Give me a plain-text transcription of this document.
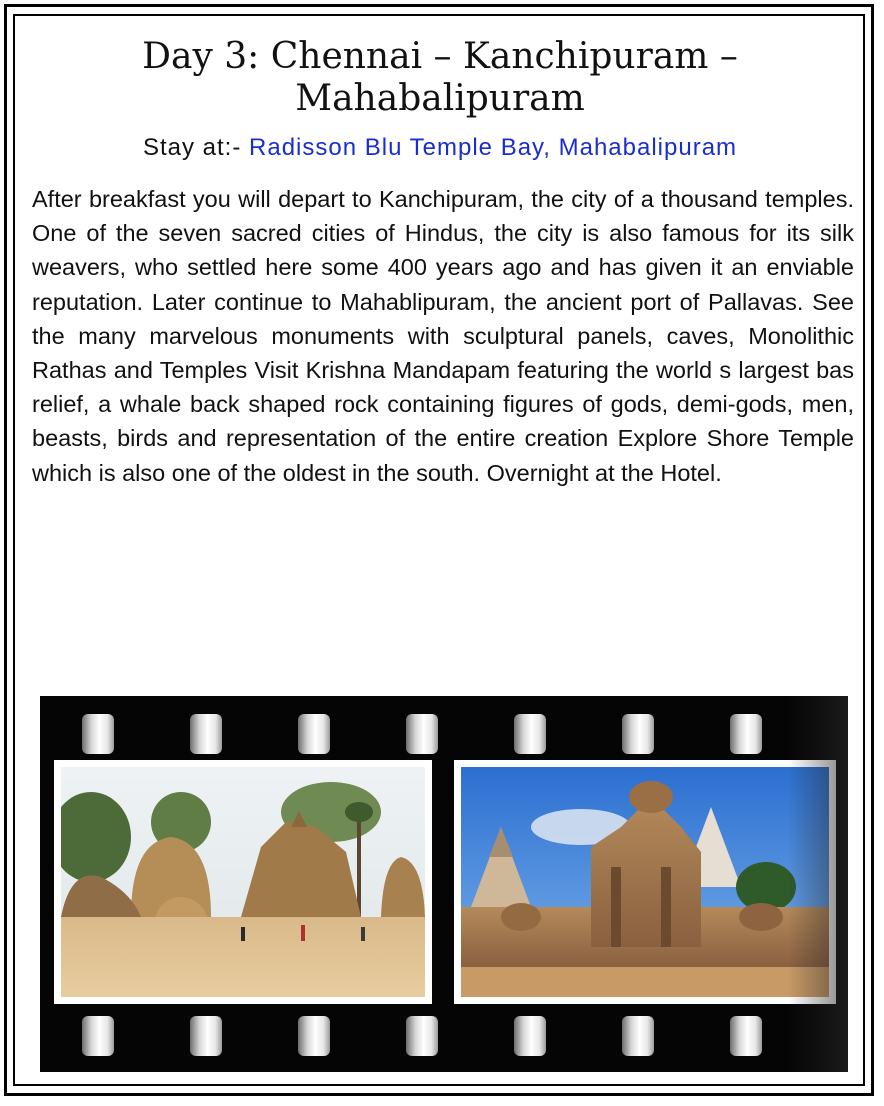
Day 3: Chennai – Kanchipuram – Mahabalipuram
Stay at:- Radisson Blu Temple Bay, Mahabalipuram

After breakfast you will depart to Kanchipuram, the city of a thousand temples. One of the seven sacred cities of Hindus, the city is also famous for its silk weavers, who settled here some 400 years ago and has given it an enviable reputation. Later continue to Mahablipuram, the ancient port of Pallavas. See the many marvelous monuments with sculptural panels, caves, Monolithic Rathas and Temples Visit Krishna Mandapam featuring the world s largest bas relief, a whale back shaped rock containing figures of gods, demi-gods, men, beasts, birds and representation of the entire creation Explore Shore Temple which is also one of the oldest in the south. Overnight at the Hotel.
